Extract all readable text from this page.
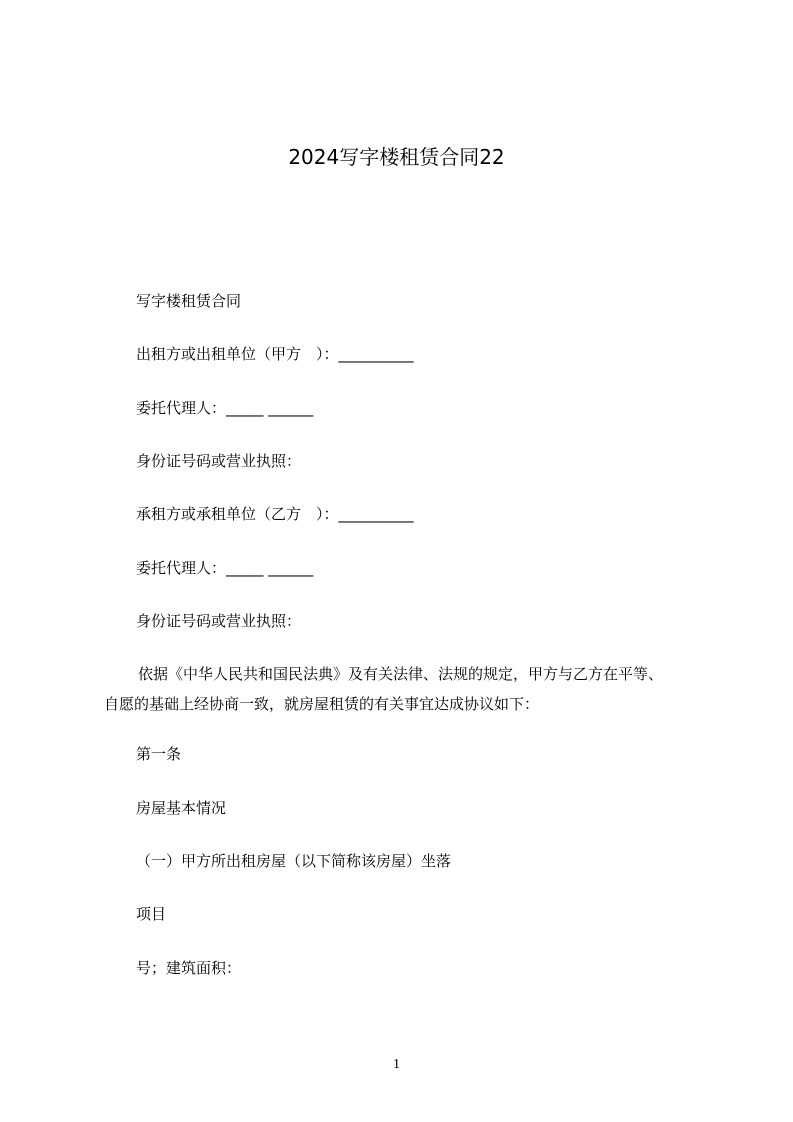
2024写字楼租赁合同22
写字楼租赁合同
出租方或出租单位（甲方　）：__________
委托代理人：_____ ______
身份证号码或营业执照：
承租方或承租单位（乙方　）：__________
委托代理人：_____ ______
身份证号码或营业执照：
依据《中华人民共和国民法典》及有关法律、法规的规定，甲方与乙方在平等、
自愿的基础上经协商一致，就房屋租赁的有关事宜达成协议如下：
第一条
房屋基本情况
（一）甲方所出租房屋（以下简称该房屋）坐落
项目
号；建筑面积：
1
